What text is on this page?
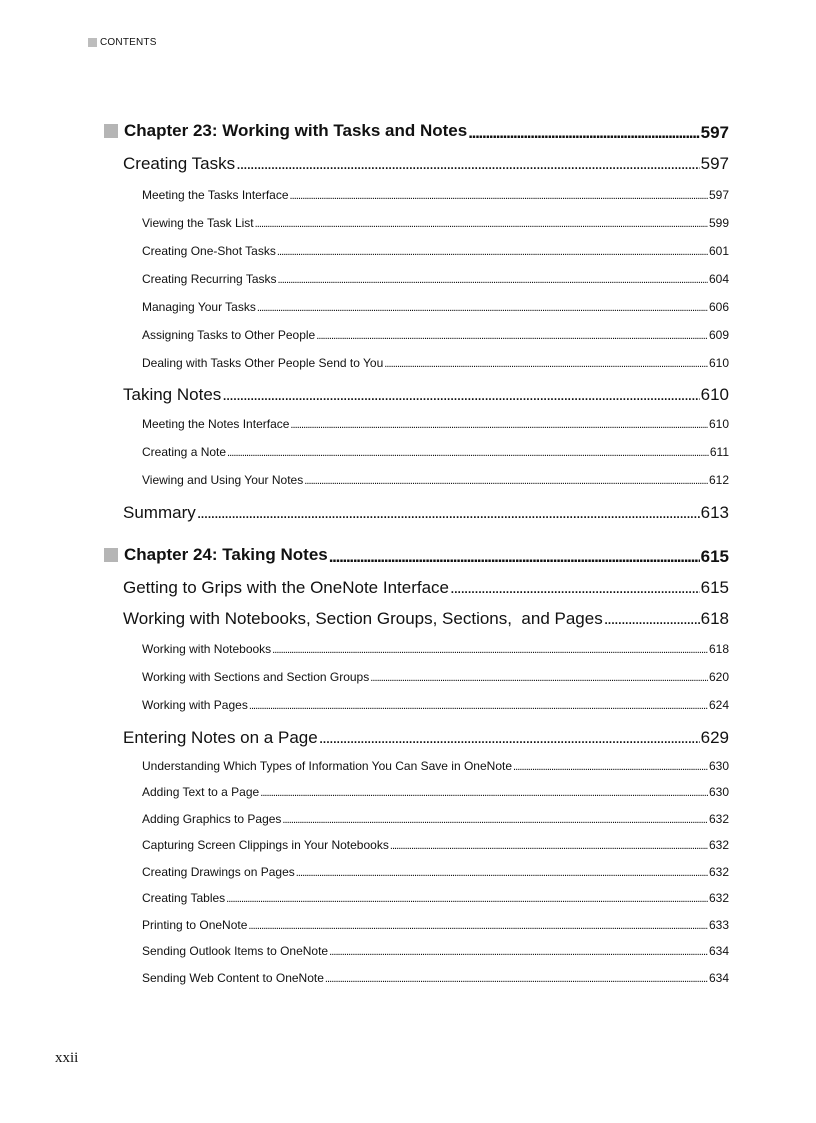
CONTENTS
Chapter 23: Working with Tasks and Notes . . .	597
Creating Tasks . . .	597
Meeting the Tasks Interface . . .	597
Viewing the Task List . . .	599
Creating One-Shot Tasks . . .	601
Creating Recurring Tasks . . .	604
Managing Your Tasks . . .	606
Assigning Tasks to Other People . . .	609
Dealing with Tasks Other People Send to You . . .	610
Taking Notes . . .	610
Meeting the Notes Interface . . .	610
Creating a Note . . .	611
Viewing and Using Your Notes . . .	612
Summary . . .	613
Chapter 24: Taking Notes . . .	615
Getting to Grips with the OneNote Interface . . .	615
Working with Notebooks, Section Groups, Sections,  and Pages . . .	618
Working with Notebooks . . .	618
Working with Sections and Section Groups . . .	620
Working with Pages . . .	624
Entering Notes on a Page . . .	629
Understanding Which Types of Information You Can Save in OneNote . . .	630
Adding Text to a Page . . .	630
Adding Graphics to Pages . . .	632
Capturing Screen Clippings in Your Notebooks . . .	632
Creating Drawings on Pages . . .	632
Creating Tables . . .	632
Printing to OneNote . . .	633
Sending Outlook Items to OneNote . . .	634
Sending Web Content to OneNote . . .	634
xxii
